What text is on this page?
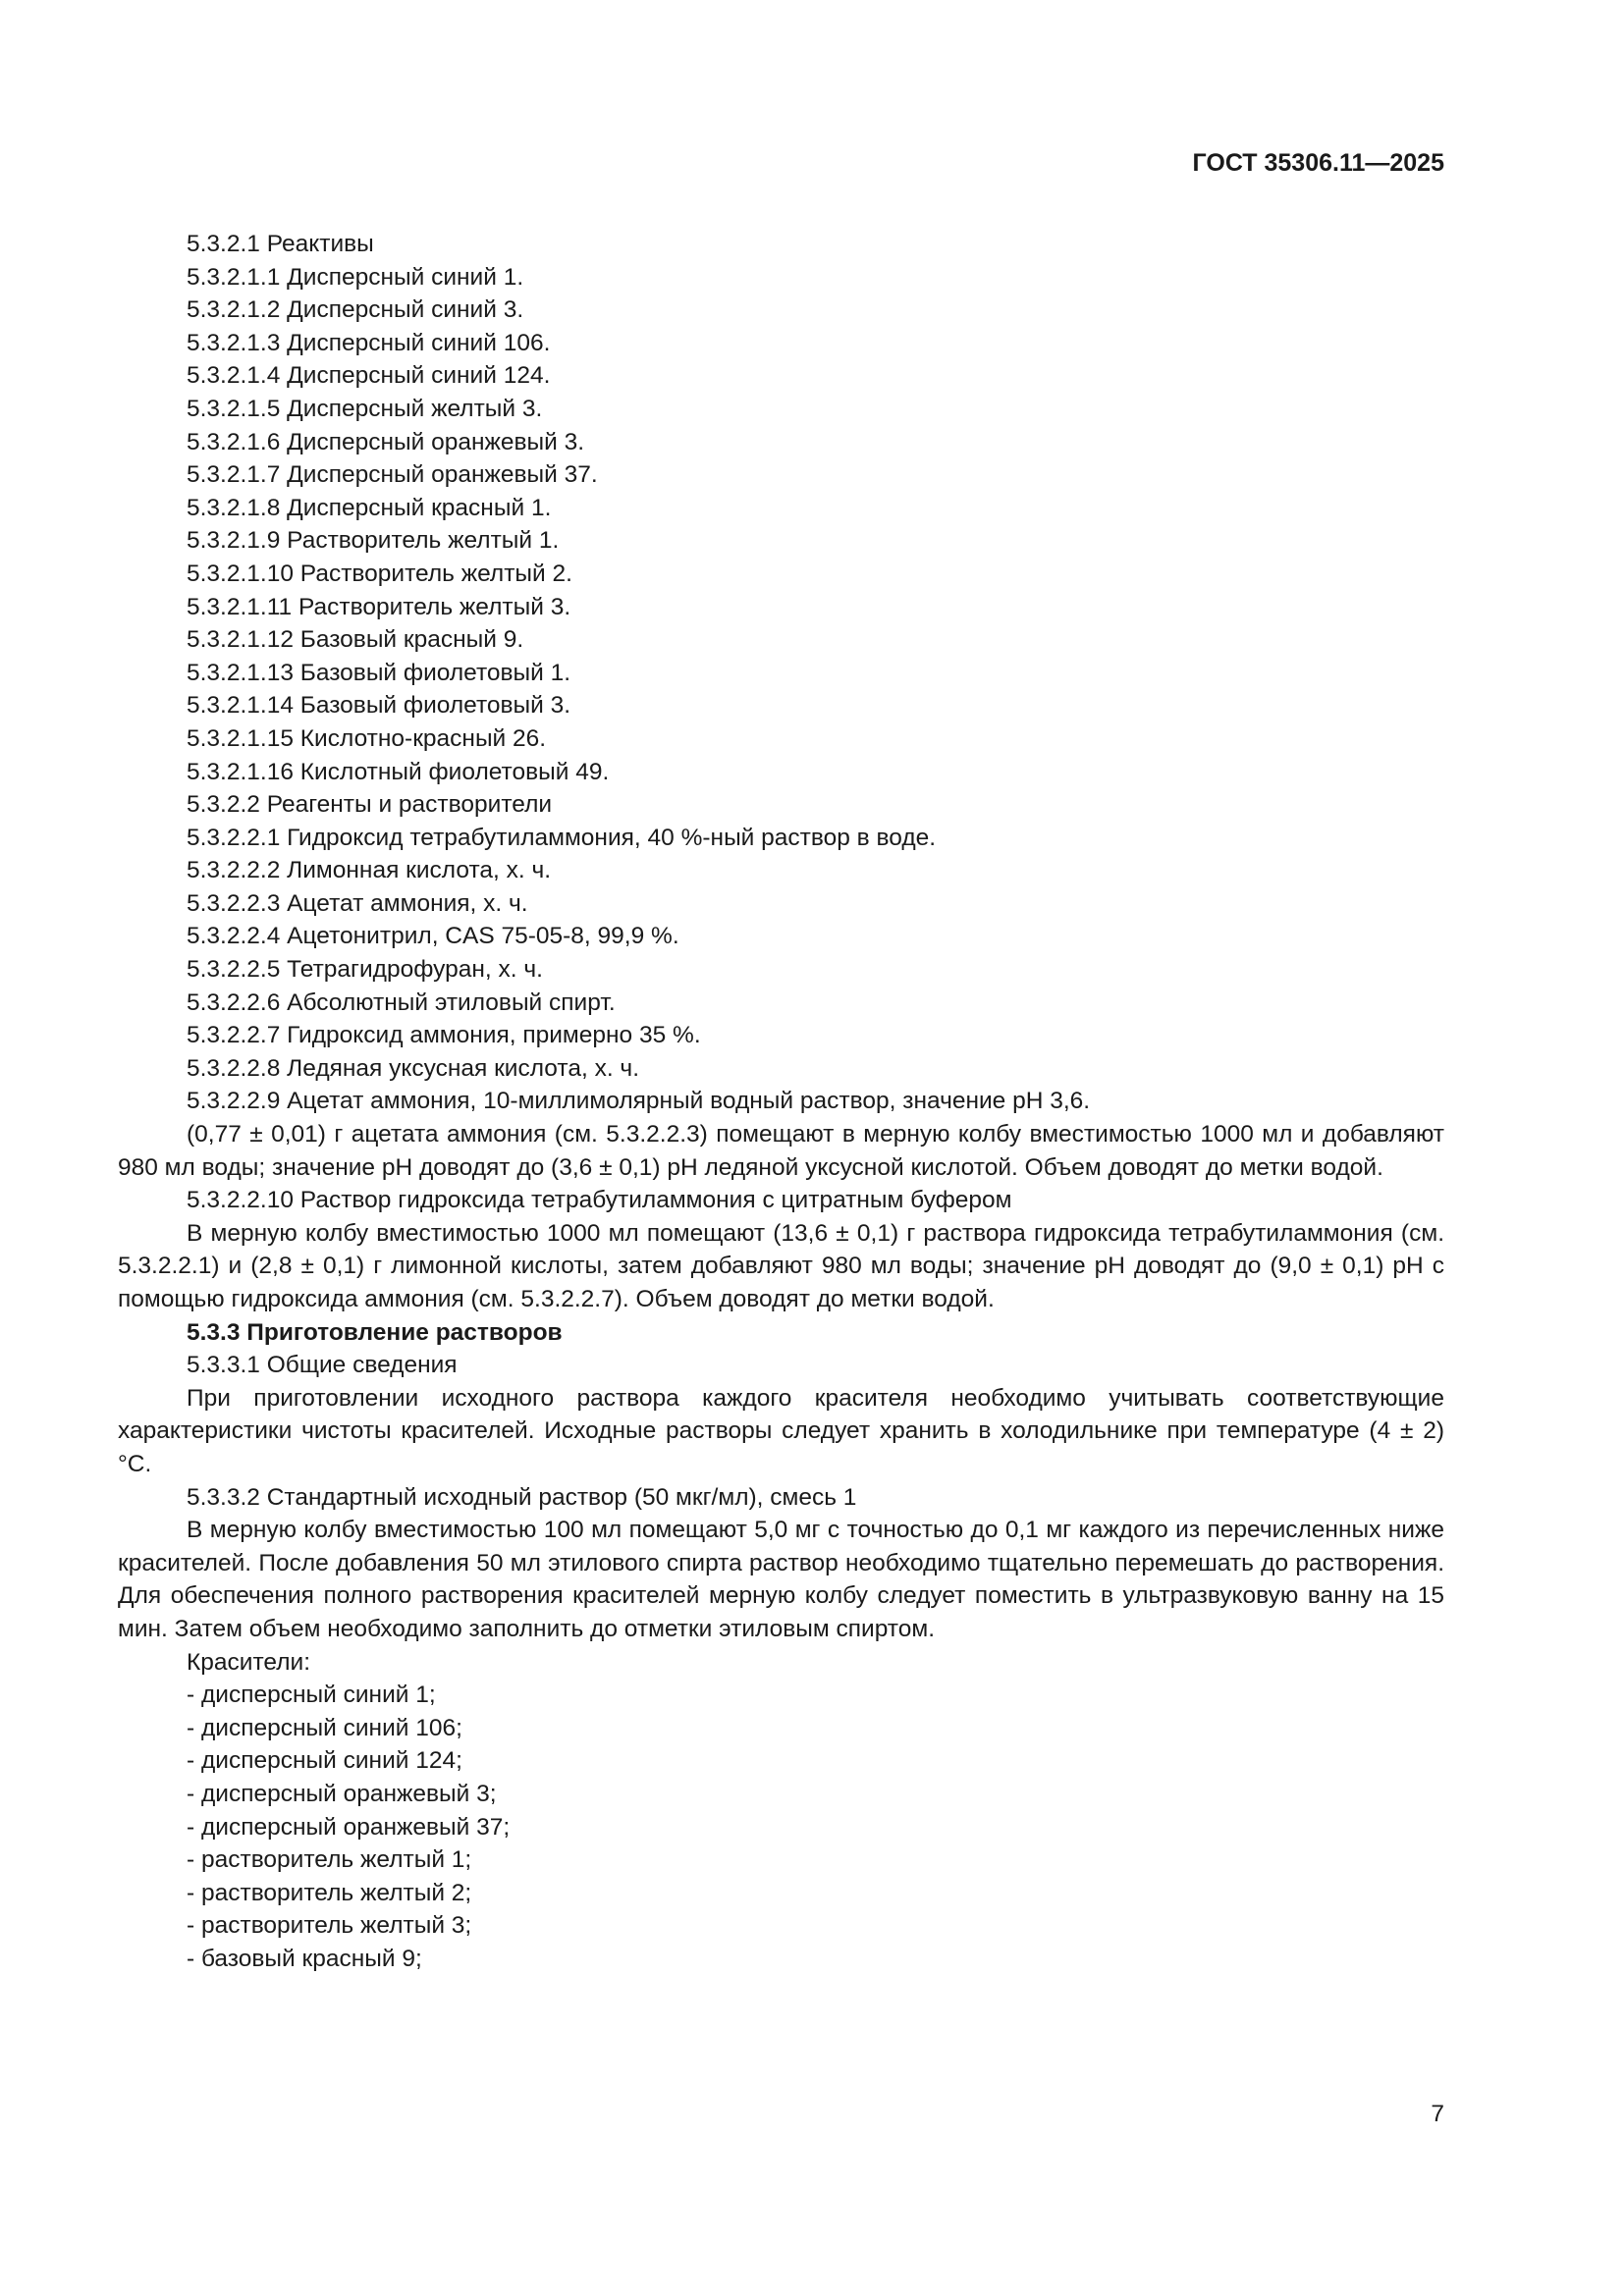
ГОСТ 35306.11—2025
5.3.2.1 Реактивы
5.3.2.1.1 Дисперсный синий 1.
5.3.2.1.2 Дисперсный синий 3.
5.3.2.1.3 Дисперсный синий 106.
5.3.2.1.4 Дисперсный синий 124.
5.3.2.1.5 Дисперсный желтый 3.
5.3.2.1.6 Дисперсный оранжевый 3.
5.3.2.1.7 Дисперсный оранжевый 37.
5.3.2.1.8 Дисперсный красный 1.
5.3.2.1.9 Растворитель желтый 1.
5.3.2.1.10 Растворитель желтый 2.
5.3.2.1.11 Растворитель желтый 3.
5.3.2.1.12 Базовый красный 9.
5.3.2.1.13 Базовый фиолетовый 1.
5.3.2.1.14 Базовый фиолетовый 3.
5.3.2.1.15 Кислотно-красный 26.
5.3.2.1.16 Кислотный фиолетовый 49.
5.3.2.2 Реагенты и растворители
5.3.2.2.1 Гидроксид тетрабутиламмония, 40 %-ный раствор в воде.
5.3.2.2.2 Лимонная кислота, х. ч.
5.3.2.2.3 Ацетат аммония, х. ч.
5.3.2.2.4 Ацетонитрил, CAS 75-05-8, 99,9 %.
5.3.2.2.5 Тетрагидрофуран, х. ч.
5.3.2.2.6 Абсолютный этиловый спирт.
5.3.2.2.7 Гидроксид аммония, примерно 35 %.
5.3.2.2.8 Ледяная уксусная кислота, х. ч.
5.3.2.2.9 Ацетат аммония, 10-миллимолярный водный раствор, значение pH 3,6.
(0,77 ± 0,01) г ацетата аммония (см. 5.3.2.2.3) помещают в мерную колбу вместимостью 1000 мл и добавляют 980 мл воды; значение pH доводят до (3,6 ± 0,1) pH ледяной уксусной кислотой. Объем доводят до метки водой.
5.3.2.2.10 Раствор гидроксида тетрабутиламмония с цитратным буфером
В мерную колбу вместимостью 1000 мл помещают (13,6 ± 0,1) г раствора гидроксида тетрабутиламмония (см. 5.3.2.2.1) и (2,8 ± 0,1) г лимонной кислоты, затем добавляют 980 мл воды; значение pH доводят до (9,0 ± 0,1) pH с помощью гидроксида аммония (см. 5.3.2.2.7). Объем доводят до метки водой.
5.3.3 Приготовление растворов
5.3.3.1 Общие сведения
При приготовлении исходного раствора каждого красителя необходимо учитывать соответствующие характеристики чистоты красителей. Исходные растворы следует хранить в холодильнике при температуре (4 ± 2) °С.
5.3.3.2 Стандартный исходный раствор (50 мкг/мл), смесь 1
В мерную колбу вместимостью 100 мл помещают 5,0 мг с точностью до 0,1 мг каждого из перечисленных ниже красителей. После добавления 50 мл этилового спирта раствор необходимо тщательно перемешать до растворения. Для обеспечения полного растворения красителей мерную колбу следует поместить в ультразвуковую ванну на 15 мин. Затем объем необходимо заполнить до отметки этиловым спиртом.
Красители:
- дисперсный синий 1;
- дисперсный синий 106;
- дисперсный синий 124;
- дисперсный оранжевый 3;
- дисперсный оранжевый 37;
- растворитель желтый 1;
- растворитель желтый 2;
- растворитель желтый 3;
- базовый красный 9;
7
